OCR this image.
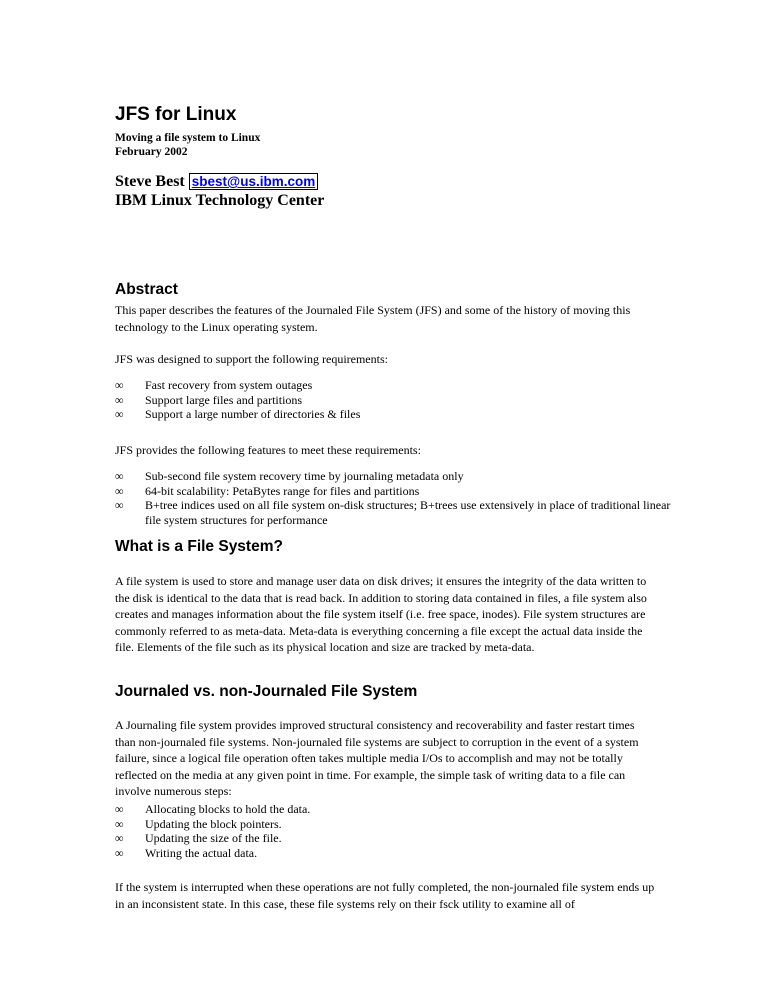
JFS for Linux
Moving a file system to Linux
February 2002
Steve Best sbest@us.ibm.com
IBM Linux Technology Center
Abstract
This paper describes the features of the Journaled File System (JFS) and some of the history of moving this technology to the Linux operating system.
JFS was designed to support the following requirements:
∞ Fast recovery from system outages
∞ Support large files and partitions
∞ Support a large number of directories & files
JFS provides the following features to meet these requirements:
∞ Sub-second file system recovery time by journaling metadata only
∞ 64-bit scalability: PetaBytes range for files and partitions
∞ B+tree indices used on all file system on-disk structures; B+trees use extensively in place of traditional linear file system structures for performance
What is a File System?
A file system is used to store and manage user data on disk drives; it ensures the integrity of the data written to the disk is identical to the data that is read back. In addition to storing data contained in files, a file system also creates and manages information about the file system itself (i.e. free space, inodes). File system structures are commonly referred to as meta-data. Meta-data is everything concerning a file except the actual data inside the file. Elements of the file such as its physical location and size are tracked by meta-data.
Journaled vs. non-Journaled File System
A Journaling file system provides improved structural consistency and recoverability and faster restart times than non-journaled file systems. Non-journaled file systems are subject to corruption in the event of a system failure, since a logical file operation often takes multiple media I/Os to accomplish and may not be totally reflected on the media at any given point in time. For example, the simple task of writing data to a file can involve numerous steps:
∞ Allocating blocks to hold the data.
∞ Updating the block pointers.
∞ Updating the size of the file.
∞ Writing the actual data.
If the system is interrupted when these operations are not fully completed, the non-journaled file system ends up in an inconsistent state. In this case, these file systems rely on their fsck utility to examine all of
